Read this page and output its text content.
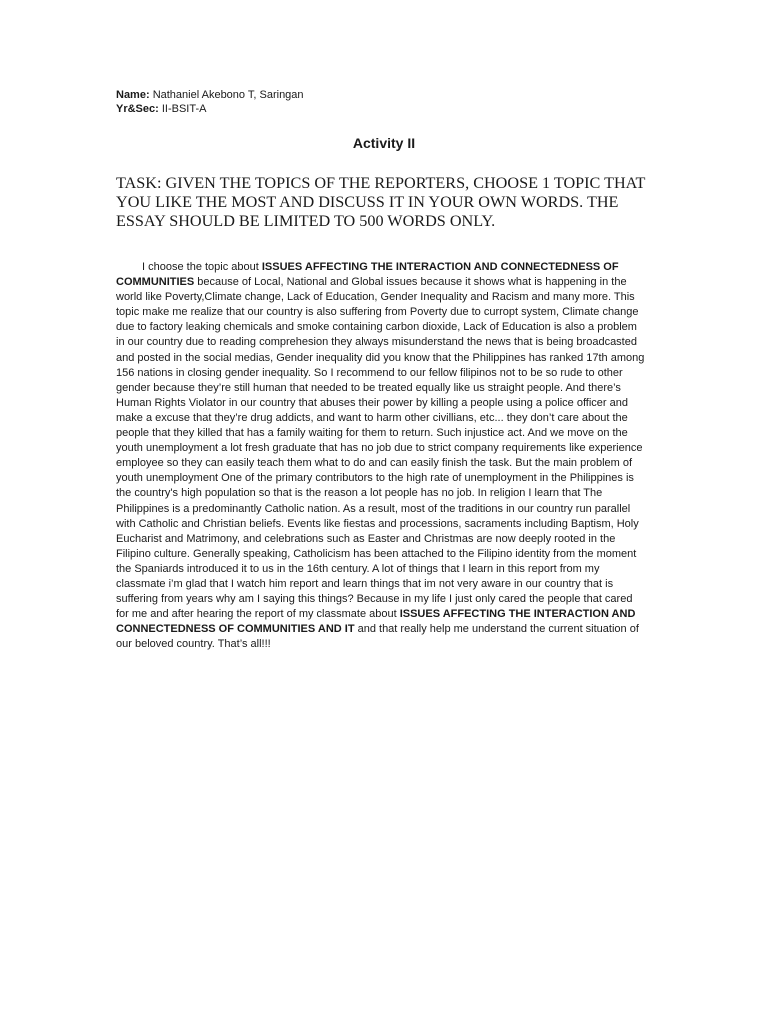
Name: Nathaniel Akebono T, Saringan
Yr&Sec: II-BSIT-A
Activity II
TASK: GIVEN THE TOPICS OF THE REPORTERS, CHOOSE 1 TOPIC THAT YOU LIKE THE MOST AND DISCUSS IT IN YOUR OWN WORDS. THE ESSAY SHOULD BE LIMITED TO 500 WORDS ONLY.

I choose the topic about ISSUES AFFECTING THE INTERACTION AND CONNECTEDNESS OF COMMUNITIES because of Local, National and Global issues because it shows what is happening in the world like Poverty,Climate change, Lack of Education, Gender Inequality and Racism and many more. This topic make me realize that our country is also suffering from Poverty due to curropt system, Climate change due to factory leaking chemicals and smoke containing carbon dioxide, Lack of Education is also a problem in our country due to reading comprehesion they always misunderstand the news that is being broadcasted and posted in the social medias, Gender inequality did you know that the Philippines has ranked 17th among 156 nations in closing gender inequality. So I recommend to our fellow filipinos not to be so rude to other gender because they’re still human that needed to be treated equally like us straight people. And there’s Human Rights Violator in our country that abuses their power by killing a people using a police officer and make a excuse that they’re drug addicts, and want to harm other civillians, etc... they don’t care about the people that they killed that has a family waiting for them to return. Such injustice act. And we move on the youth unemployment a lot fresh graduate that has no job due to strict company requirements like experience employee so they can easily teach them what to do and can easily finish the task. But the main problem of youth unemployment One of the primary contributors to the high rate of unemployment in the Philippines is the country's high population so that is the reason a lot people has no job. In religion I learn that The Philippines is a predominantly Catholic nation. As a result, most of the traditions in our country run parallel with Catholic and Christian beliefs. Events like fiestas and processions, sacraments including Baptism, Holy Eucharist and Matrimony, and celebrations such as Easter and Christmas are now deeply rooted in the Filipino culture. Generally speaking, Catholicism has been attached to the Filipino identity from the moment the Spaniards introduced it to us in the 16th century. A lot of things that I learn in this report from my classmate i’m glad that I watch him report and learn things that im not very aware in our country that is suffering from years why am I saying this things? Because in my life I just only cared the people that cared for me and after hearing the report of my classmate about ISSUES AFFECTING THE INTERACTION AND CONNECTEDNESS OF COMMUNITIES AND IT and that really help me understand the current situation of our beloved country. That’s all!!!
